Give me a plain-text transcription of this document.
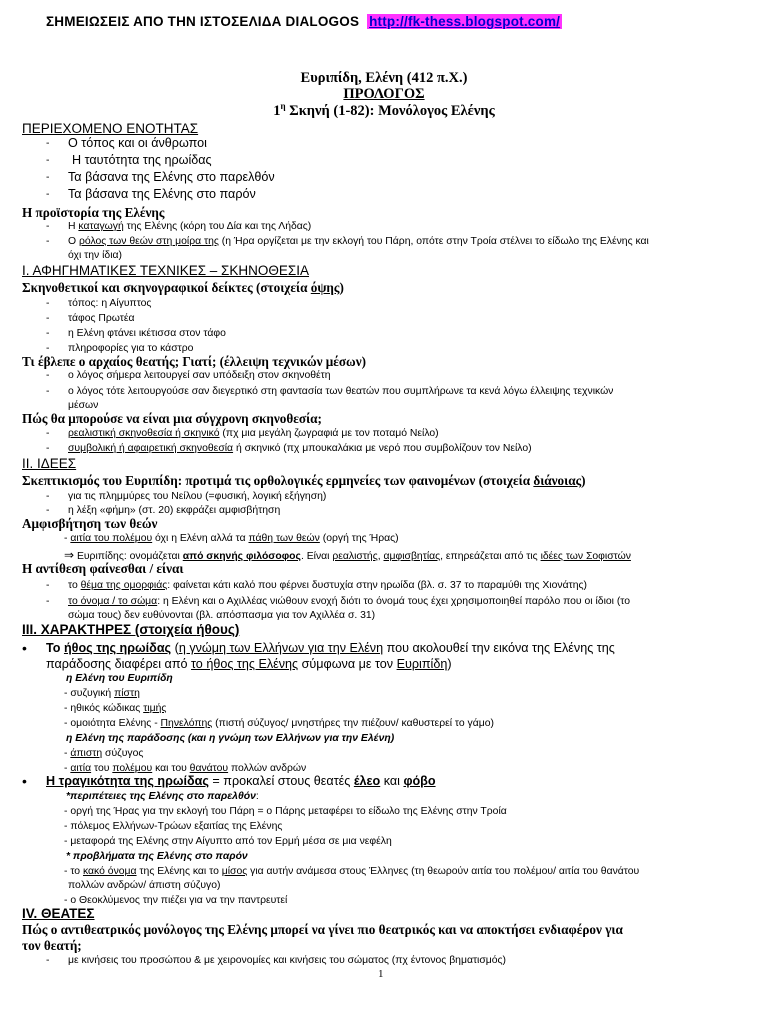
ΣΗΜΕΙΩΣΕΙΣ ΑΠΟ ΤΗΝ ΙΣΤΟΣΕΛΙΔΑ DIALOGOS http://fk-thess.blogspot.com/
Ευριπίδη, Ελένη (412 π.Χ.)
ΠΡΟΛΟΓΟΣ
$1^\eta$ Σκηνή (1-82): Μονόλογος Ελένης
ΠΕΡΙΕΧΟΜΕΝΟ ΕΝΟΤΗΤΑΣ
- Ο τόπος και οι άνθρωποι
- Η ταυτότητα της ηρωίδας
- Τα βάσανα της Ελένης στο παρελθόν
- Τα βάσανα της Ελένης στο παρόν
Η προϊστορία της Ελένης
- Η καταγωγή της Ελένης (κόρη του Δία και της Λήδας)
- Ο ρόλος των θεών στη μοίρα της (η Ήρα οργίζεται με την εκλογή του Πάρη, οπότε στην Τροία στέλνει το είδωλο της Ελένης και
όχι την ίδια)
Ι. ΑΦΗΓΗΜΑΤΙΚΕΣ ΤΕΧΝΙΚΕΣ – ΣΚΗΝΟΘΕΣΙΑ
Σκηνοθετικοί και σκηνογραφικοί δείκτες (στοιχεία όψης)
- τόπος: η Αίγυπτος
- τάφος Πρωτέα
- η Ελένη φτάνει ικέτισσα στον τάφο
- πληροφορίες για το κάστρο
Τι έβλεπε ο αρχαίος θεατής; Γιατί; (έλλειψη τεχνικών μέσων)
- ο λόγος σήμερα λειτουργεί σαν υπόδειξη στον σκηνοθέτη
- ο λόγος τότε λειτουργούσε σαν διεγερτικό στη φαντασία των θεατών που συμπλήρωνε τα κενά λόγω έλλειψης τεχνικών
μέσων
Πώς θα μπορούσε να είναι μια σύγχρονη σκηνοθεσία;
- ρεαλιστική σκηνοθεσία ή σκηνικό (πχ μια μεγάλη ζωγραφιά με τον ποταμό Νείλο)
- συμβολική ή αφαιρετική σκηνοθεσία ή σκηνικό (πχ μπουκαλάκια με νερό που συμβολίζουν τον Νείλο)
ΙΙ. ΙΔΕΕΣ
Σκεπτικισμός του Ευριπίδη: προτιμά τις ορθολογικές ερμηνείες των φαινομένων (στοιχεία διάνοιας)
- για τις πλημμύρες του Νείλου (=φυσική, λογική εξήγηση)
- η λέξη «φήμη» (στ. 20) εκφράζει αμφισβήτηση
Αμφισβήτηση των θεών
- αιτία του πολέμου όχι η Ελένη αλλά τα πάθη των θεών (οργή της Ήρας)
⇒ Ευριπίδης: ονομάζεται από σκηνής φιλόσοφος. Είναι ρεαλιστής, αμφισβητίας, επηρεάζεται από τις ιδέες των Σοφιστών
Η αντίθεση φαίνεσθαι / είναι
- το θέμα της ομορφιάς: φαίνεται κάτι καλό που φέρνει δυστυχία στην ηρωίδα (βλ. σ. 37 το παραμύθι της Χιονάτης)
- το όνομα / το σώμα: η Ελένη και ο Αχιλλέας νιώθουν ενοχή διότι το όνομά τους έχει χρησιμοποιηθεί παρόλο που οι ίδιοι (το
σώμα τους) δεν ευθύνονται (βλ. απόσπασμα για τον Αχιλλέα σ. 31)
ΙΙΙ. ΧΑΡΑΚΤΗΡΕΣ (στοιχεία ήθους)
• Το ήθος της ηρωίδας (η γνώμη των Ελλήνων για την Ελένη που ακολουθεί την εικόνα της Ελένης της
παράδοσης διαφέρει από το ήθος της Ελένης σύμφωνα με τον Ευριπίδη)
η Ελένη του Ευριπίδη
- συζυγική πίστη
- ηθικός κώδικας τιμής
- ομοιότητα Ελένης - Πηνελόπης (πιστή σύζυγος/ μνηστήρες την πιέζουν/ καθυστερεί το γάμο)
η Ελένη της παράδοσης (και η γνώμη των Ελλήνων για την Ελένη)
- άπιστη σύζυγος
- αιτία του πολέμου και του θανάτου πολλών ανδρών
• Η τραγικότητα της ηρωίδας = προκαλεί στους θεατές έλεο και φόβο
*περιπέτειες της Ελένης στο παρελθόν:
- οργή της Ήρας για την εκλογή του Πάρη = ο Πάρης μεταφέρει το είδωλο της Ελένης στην Τροία
- πόλεμος Ελλήνων-Τρώων εξαιτίας της Ελένης
- μεταφορά της Ελένης στην Αίγυπτο από τον Ερμή μέσα σε μια νεφέλη
* προβλήματα της Ελένης στο παρόν
- το κακό όνομα της Ελένης και το μίσος για αυτήν ανάμεσα στους Έλληνες (τη θεωρούν αιτία του πολέμου/ αιτία του θανάτου
πολλών ανδρών/ άπιστη σύζυγο)
- ο Θεοκλύμενος την πιέζει για να την παντρευτεί
IV. ΘΕΑΤΕΣ
Πώς ο αντιθεατρικός μονόλογος της Ελένης μπορεί να γίνει πιο θεατρικός και να αποκτήσει ενδιαφέρον για
τον θεατή;
- με κινήσεις του προσώπου & με χειρονομίες και κινήσεις του σώματος (πχ έντονος βηματισμός)
1
